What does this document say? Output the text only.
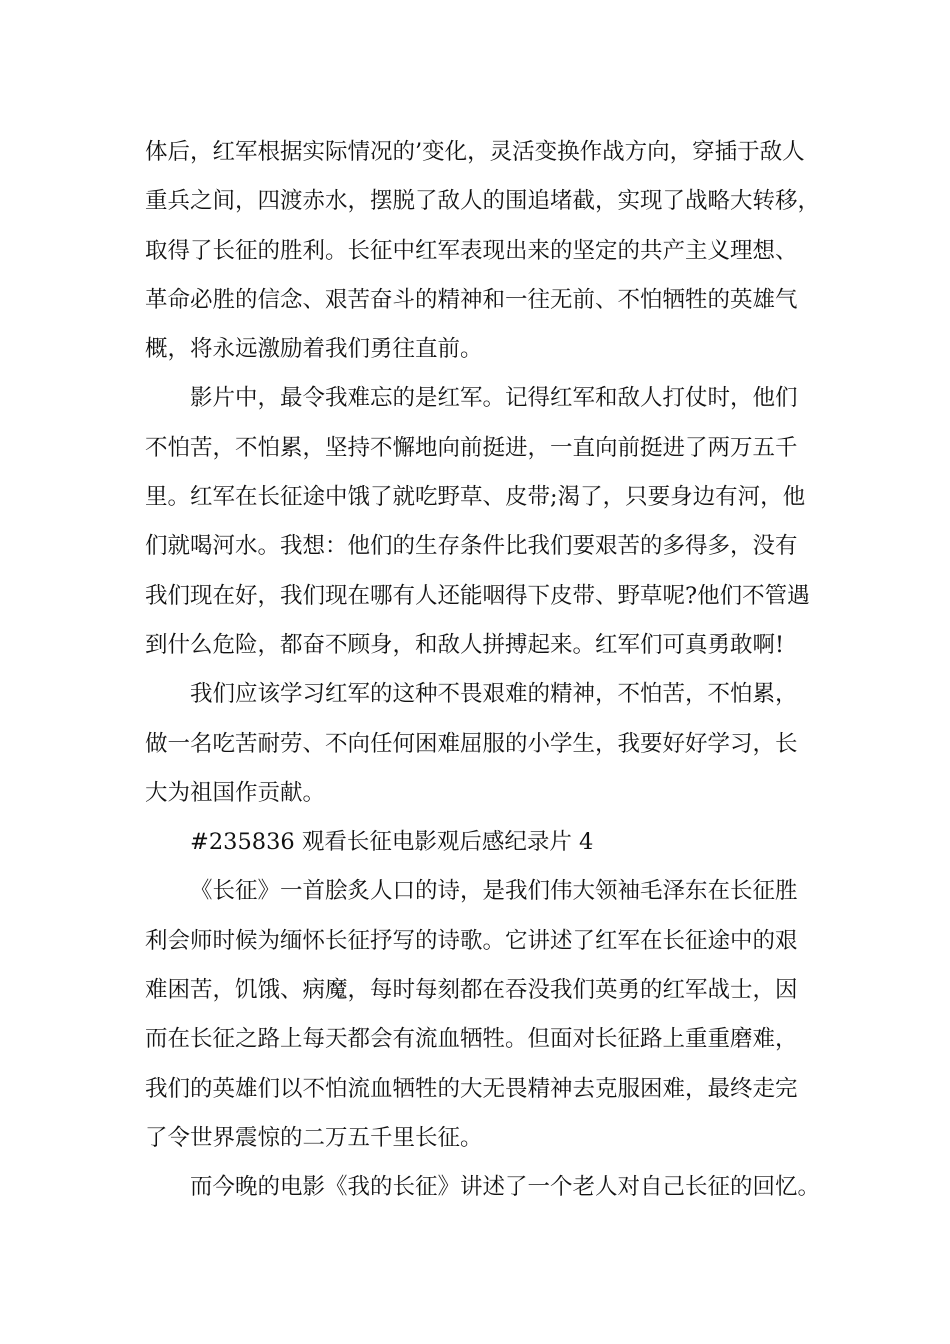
体后，红军根据实际情况的’变化，灵活变换作战方向，穿插于敌人
重兵之间，四渡赤水，摆脱了敌人的围追堵截，实现了战略大转移，
取得了长征的胜利。长征中红军表现出来的坚定的共产主义理想、
革命必胜的信念、艰苦奋斗的精神和一往无前、不怕牺牲的英雄气
概，将永远激励着我们勇往直前。
影片中，最令我难忘的是红军。记得红军和敌人打仗时，他们
不怕苦，不怕累，坚持不懈地向前挺进，一直向前挺进了两万五千
里。红军在长征途中饿了就吃野草、皮带;渴了，只要身边有河，他
们就喝河水。我想：他们的生存条件比我们要艰苦的多得多，没有
我们现在好，我们现在哪有人还能咽得下皮带、野草呢?他们不管遇
到什么危险，都奋不顾身，和敌人拼搏起来。红军们可真勇敢啊!
我们应该学习红军的这种不畏艰难的精神，不怕苦，不怕累，
做一名吃苦耐劳、不向任何困难屈服的小学生，我要好好学习，长
大为祖国作贡献。
#235836 观看长征电影观后感纪录片 4
《长征》一首脍炙人口的诗，是我们伟大领袖毛泽东在长征胜
利会师时候为缅怀长征抒写的诗歌。它讲述了红军在长征途中的艰
难困苦，饥饿、病魔，每时每刻都在吞没我们英勇的红军战士，因
而在长征之路上每天都会有流血牺牲。但面对长征路上重重磨难，
我们的英雄们以不怕流血牺牲的大无畏精神去克服困难，最终走完
了令世界震惊的二万五千里长征。
而今晚的电影《我的长征》讲述了一个老人对自己长征的回忆。
